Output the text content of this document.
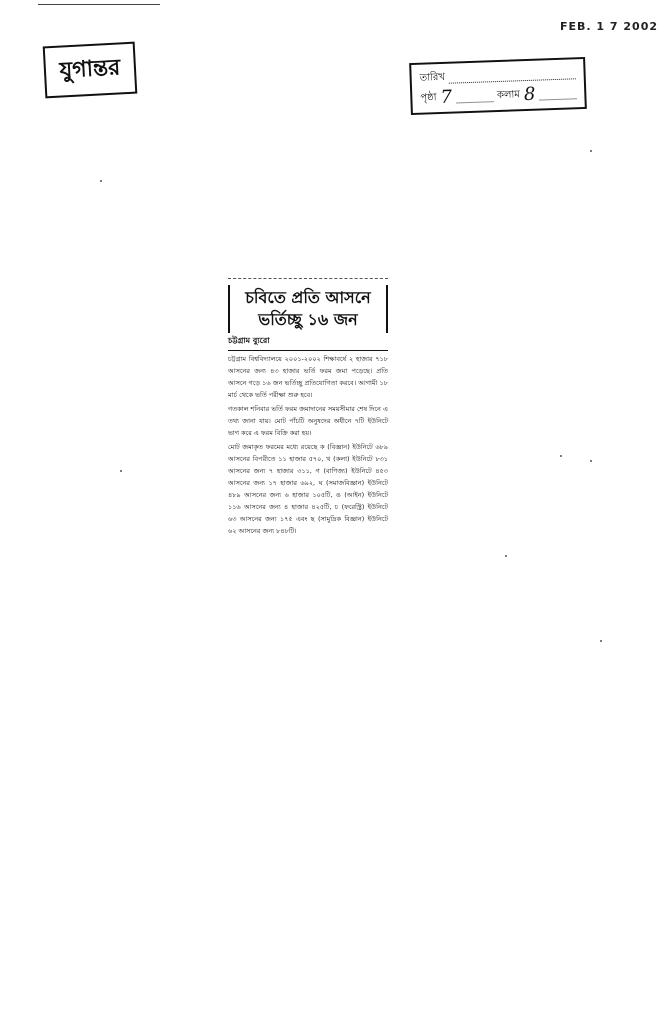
FEB. 1 7 2002
যুগান্তর	তারিখ
পৃষ্ঠা 7	কলাম 8
চবিতে প্রতি আসনে
ভর্তিচ্ছু ১৬ জন
চট্টগ্রাম ব্যুরো

চট্টগ্রাম বিশ্ববিদ্যালয়ে ২০০১-২০০২ শিক্ষাবর্ষে ২ হাজার ৭১৮ আসনের জন্য ৪৩ হাজার ভর্তি ফরম জমা পড়েছে। প্রতি আসনে গড়ে ১৬ জন ভর্তিচ্ছু প্রতিযোগিতা করবে। আগামী ১৮ মার্চ থেকে ভর্তি পরীক্ষা শুরু হবে।

গতকাল শনিবার ভর্তি ফরম জমাদানের সময়সীমার শেষ দিনে এ তথ্য জানা যায়। মোট পাঁচটি অনুষদের অধীনে ৭টি ইউনিটে ভাগ করে এ ফরম বিক্রি করা হয়।

মোট জমাকৃত ফরমের মধ্যে রয়েছে ক (বিজ্ঞান) ইউনিটে ৬৮৯ আসনের বিপরীতে ১১ হাজার ৫৭০, খ (কলা) ইউনিটে ৮৩১ আসনের জন্য ৭ হাজার ৩১১, গ (বাণিজ্য) ইউনিটে ৪৫৩ আসনের জন্য ১৭ হাজার ৬৯২, ঘ (সমাজবিজ্ঞান) ইউনিটে ৪৮৯ আসনের জন্য ৬ হাজার ১০৫টি, ঙ (আইন) ইউনিটে ১১৬ আসনের জন্য ৪ হাজার ৪২৫টি, চ (ফরেস্ট্রি) ইউনিটে ৬৩ আসনের জন্য ১৭৫ এবং ছ (সামুদ্রিক বিজ্ঞান) ইউনিটে ৬২ আসনের জন্য ৮৪৮টি।
